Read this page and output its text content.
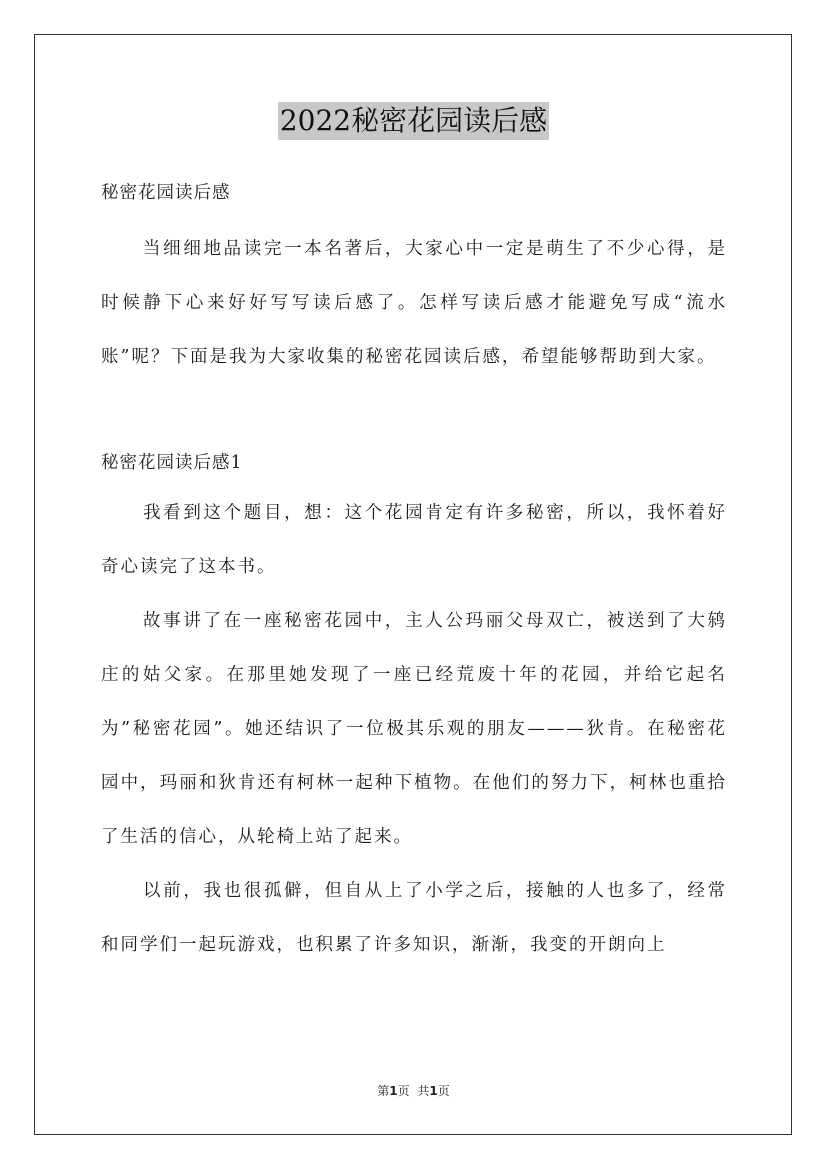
2022秘密花园读后感

秘密花园读后感

当细细地品读完一本名著后，大家心中一定是萌生了不少心得，是时候静下心来好好写写读后感了。怎样写读后感才能避免写成“流水账”呢？下面是我为大家收集的秘密花园读后感，希望能够帮助到大家。

秘密花园读后感1

我看到这个题目，想：这个花园肯定有许多秘密，所以，我怀着好奇心读完了这本书。

故事讲了在一座秘密花园中，主人公玛丽父母双亡，被送到了大鸫庄的姑父家。在那里她发现了一座已经荒废十年的花园，并给它起名为”秘密花园”。她还结识了一位极其乐观的朋友———狄肯。在秘密花园中，玛丽和狄肯还有柯林一起种下植物。在他们的努力下，柯林也重拾了生活的信心，从轮椅上站了起来。

以前，我也很孤僻，但自从上了小学之后，接触的人也多了，经常和同学们一起玩游戏，也积累了许多知识，渐渐，我变的开朗向上

第1页 共1页
